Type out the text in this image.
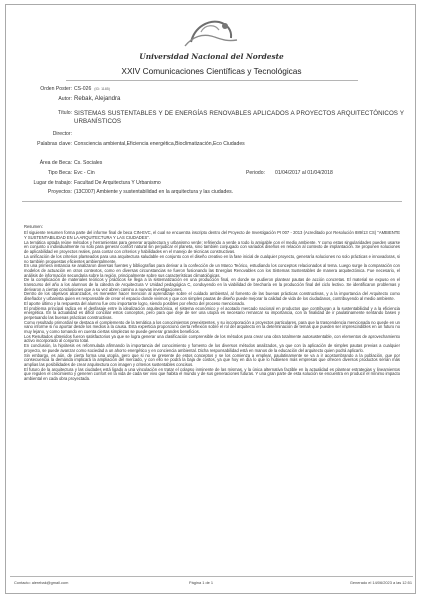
Universidad Nacional del Nordeste
XXIV Comunicaciones Científicas y Tecnológicas
Orden Poster: CS-026 (ID: 1185)
Autor: Rebak, Alejandra
Título: SISTEMAS SUSTENTABLES Y DE ENERGÍAS RENOVABLES APLICADOS A PROYECTOS ARQUITECTÓNICOS Y URBANÍSTICOS
Director:
Palabras clave: Consciencia ambiental,Eficiencia energética,Bioclimatización,Eco Ciudades
Área de Beca: Cs. Sociales
Tipo Beca: Evc - Cin	Periodo: 01/04/2017 al 01/04/2018
Lugar de trabajo: Facultad De Arquitectura Y Urbanismo
Proyectos: (13C007) Ambiente y sustentabilidad en la arquitectura y las ciudades.

Resumen:

El siguiente resumen forma parte del informe final de beca CIN-EVC, el cual se encuentra inscripto dentro del Proyecto de Investigación PI 007 - 2013 (Acreditado por Resolución 889/13 CS) "AMBIENTE Y SUSTENTABILIDAD EN LA ARQUITECTURA Y LAS CIUDADES".

La temática optada reúne métodos y herramientas para generar arquitectura y urbanismo verde; refiriendo a verde a todo lo amigable con el medio ambiente. Y como estas singularidades pueden usarse en conjunto o individualmente no solo para generar confort natural sin perjudicar el planeta, sino también conjugado con variados diseños en relación al contexto de implantación. Se proponen soluciones de aplicabilidad en proyectos reales, para contar con criterios y habilidades en el manejo de técnicas constructivas.

La unificación de los criterios planteados para una arquitectura saludable en conjunto con el diseño creativo en la fase inicial de cualquier proyecto, generaría soluciones no solo prácticas e innovadoras, si no también propuestas eficientes ambientalmente.

En una primera instancia se analizaron diversas fuentes y bibliografías para derivar a la confección de un Marco Teórico, estudiando los conceptos relacionados al tema. Luego surge la comparación con modelos de actuación en otros contextos, como en diversas circunstancias se fueron fusionando las Energías Renovables con los Sistemas Sustentables de manera arquitectónica. Fue necesario, el análisis de información secundaria sobre la región, principalmente sobre sus características climatológicas.

De la complicación de materiales teóricos y prácticos se llega a la sistematización en una producción final, en donde se pudieron plantear pautas de acción concretas. El material se expuso en el transcurso del año a los alumnos de la cátedra de Arquitectura V Unidad pedagógica C, conduyendo en la viabilidad de brecharía en la producción final del ciclo lectivo. Se identificaron problemas y derivaron a ciertas conclusiones que a su vez abren camino a nuevas investigaciones.

Dentro de los objetivos alcanzados, es menester hacer mención al aprendizaje sobre el cuidado ambiental, al fomento de las buenas prácticas constructivas, y a la importancia del Arquitecto como diseñador y urbanista quien es responsable de crear el espacio donde vivimos y que con simples pautas de diseño puede mejorar la calidad de vida de los ciudadanos, contribuyendo al medio ambiente.

El aporte último y la respuesta del alumno fue otro importante logro, siendo posibles por efecto del proceso mencionado.

El problema principal radica en el desfasaje entre la idealización arquitectónica, el sistema económico y el acotado mercado nacional en productos que contribuyan a la sustentabilidad y a la eficiencia energética. En la actualidad es difícil conciliar estos conceptos, pero para que deje de ser una utopía es necesario remarcar su importancia, con la finalidad de ir paulatinamente sentando bases y perpetuando las buenas prácticas constructivas.

Como resultado primordial se destaca el complemento de la temática a los conocimientos preexistentes, y su incorporación a proyectos particulares, para que la trascendencia mencionada no quede en un vano informe si no aportar desde los medios a la causa. Esta experticia proporcionó cierta reflexión sobre el rol del arquitecto en la determinación de temas que pueden ser imprescindibles en un futuro no muy lejano, y como tomando en cuenta ciertas simplezas se puede generar grandes beneficios.

Los Resultados obtenidos fueron satisfactorios ya que se logra generar una clasificación comprensible de los métodos para crear una obra totalmente autosustentable, con elementos de aprovechamiento activo incorporado al conjunto total.

En conclusión, la hipótesis es reformulada afirmando la importancia del conocimiento y fomento de los diversos métodos analizados, ya que con la aplicación de simples pautas previas a cualquier proyecto, se puede avanzar como sociedad a un ahorro energético y en conciencia ambiental. Dicha responsabilidad está en manos de la educación del arquitecto quien podrá aplicarlo.

Sin embargo, es aún, de cierta forma una utopía, pero que si no se presente de estos conceptos y se los comienza a emplear, paulatinamente se va a ir acostumbrando a la población, que por consecuencia la demanda implicará la ampliación del mercado, y con ello se podrá la baja de costos, ya que hoy en día lo que lo hubiesen más empresas que ofrecen diversos productos serían más amplias las posibilidades de crear arquitectura con imagen y criterios sustentables concisos.

El futuro de la arquitectura y las ciudades está ligado a una vinculación en tratar el colapso inminente de las mismas, y la única alternativa factible en la actualidad es plantear estrategias y lineamientos que regulen el crecimiento y generen confort en la vida de cada ser vivo que habita el mundo y de sus generaciones futuras. Y una gran parte de esta solución se encuentra en producir el mínimo impacto ambiental en cada obra proyectada.

Contacto: alerebak@gmail.com	Página 1 de 1	Generado el 14/06/2023 a las 12:51
